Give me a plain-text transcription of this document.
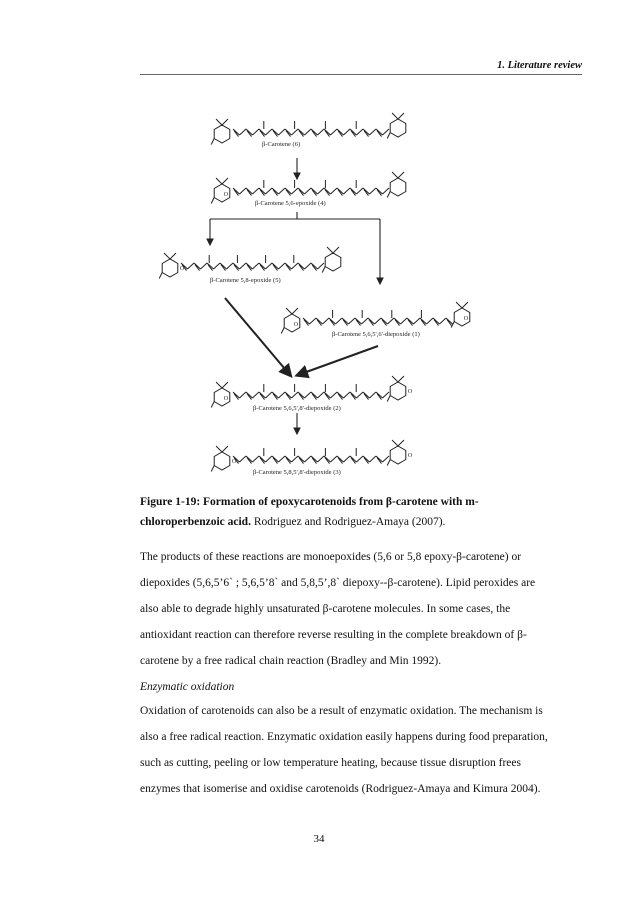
1. Literature review
O
O
O
O
O
O
O
O
β-Carotene (6)
β-Carotene 5,6-epoxide (4)
β-Carotene 5,8-epoxide (5)
β-Carotene 5,6,5',6'-diepoxide (1)
β-Carotene 5,6,5',8'-diepoxide (2)
β-Carotene 5,8,5',8'-diepoxide (3)
Figure 1-19: Formation of epoxycarotenoids from β-carotene with m-
chloroperbenzoic acid. Rodriguez and Rodriguez-Amaya (2007).
The products of these reactions are monoepoxides (5,6 or 5,8 epoxy-β-carotene) or
diepoxides (5,6,5’6` ; 5,6,5’8` and 5,8,5’,8` diepoxy--β-carotene). Lipid peroxides are
also able to degrade highly unsaturated β-carotene molecules. In some cases, the
antioxidant reaction can therefore reverse resulting in the complete breakdown of β-
carotene by a free radical chain reaction (Bradley and Min 1992).
Enzymatic oxidation
Oxidation of carotenoids can also be a result of enzymatic oxidation. The mechanism is
also a free radical reaction. Enzymatic oxidation easily happens during food preparation,
such as cutting, peeling or low temperature heating, because tissue disruption frees
enzymes that isomerise and oxidise carotenoids (Rodriguez-Amaya and Kimura 2004).
34
